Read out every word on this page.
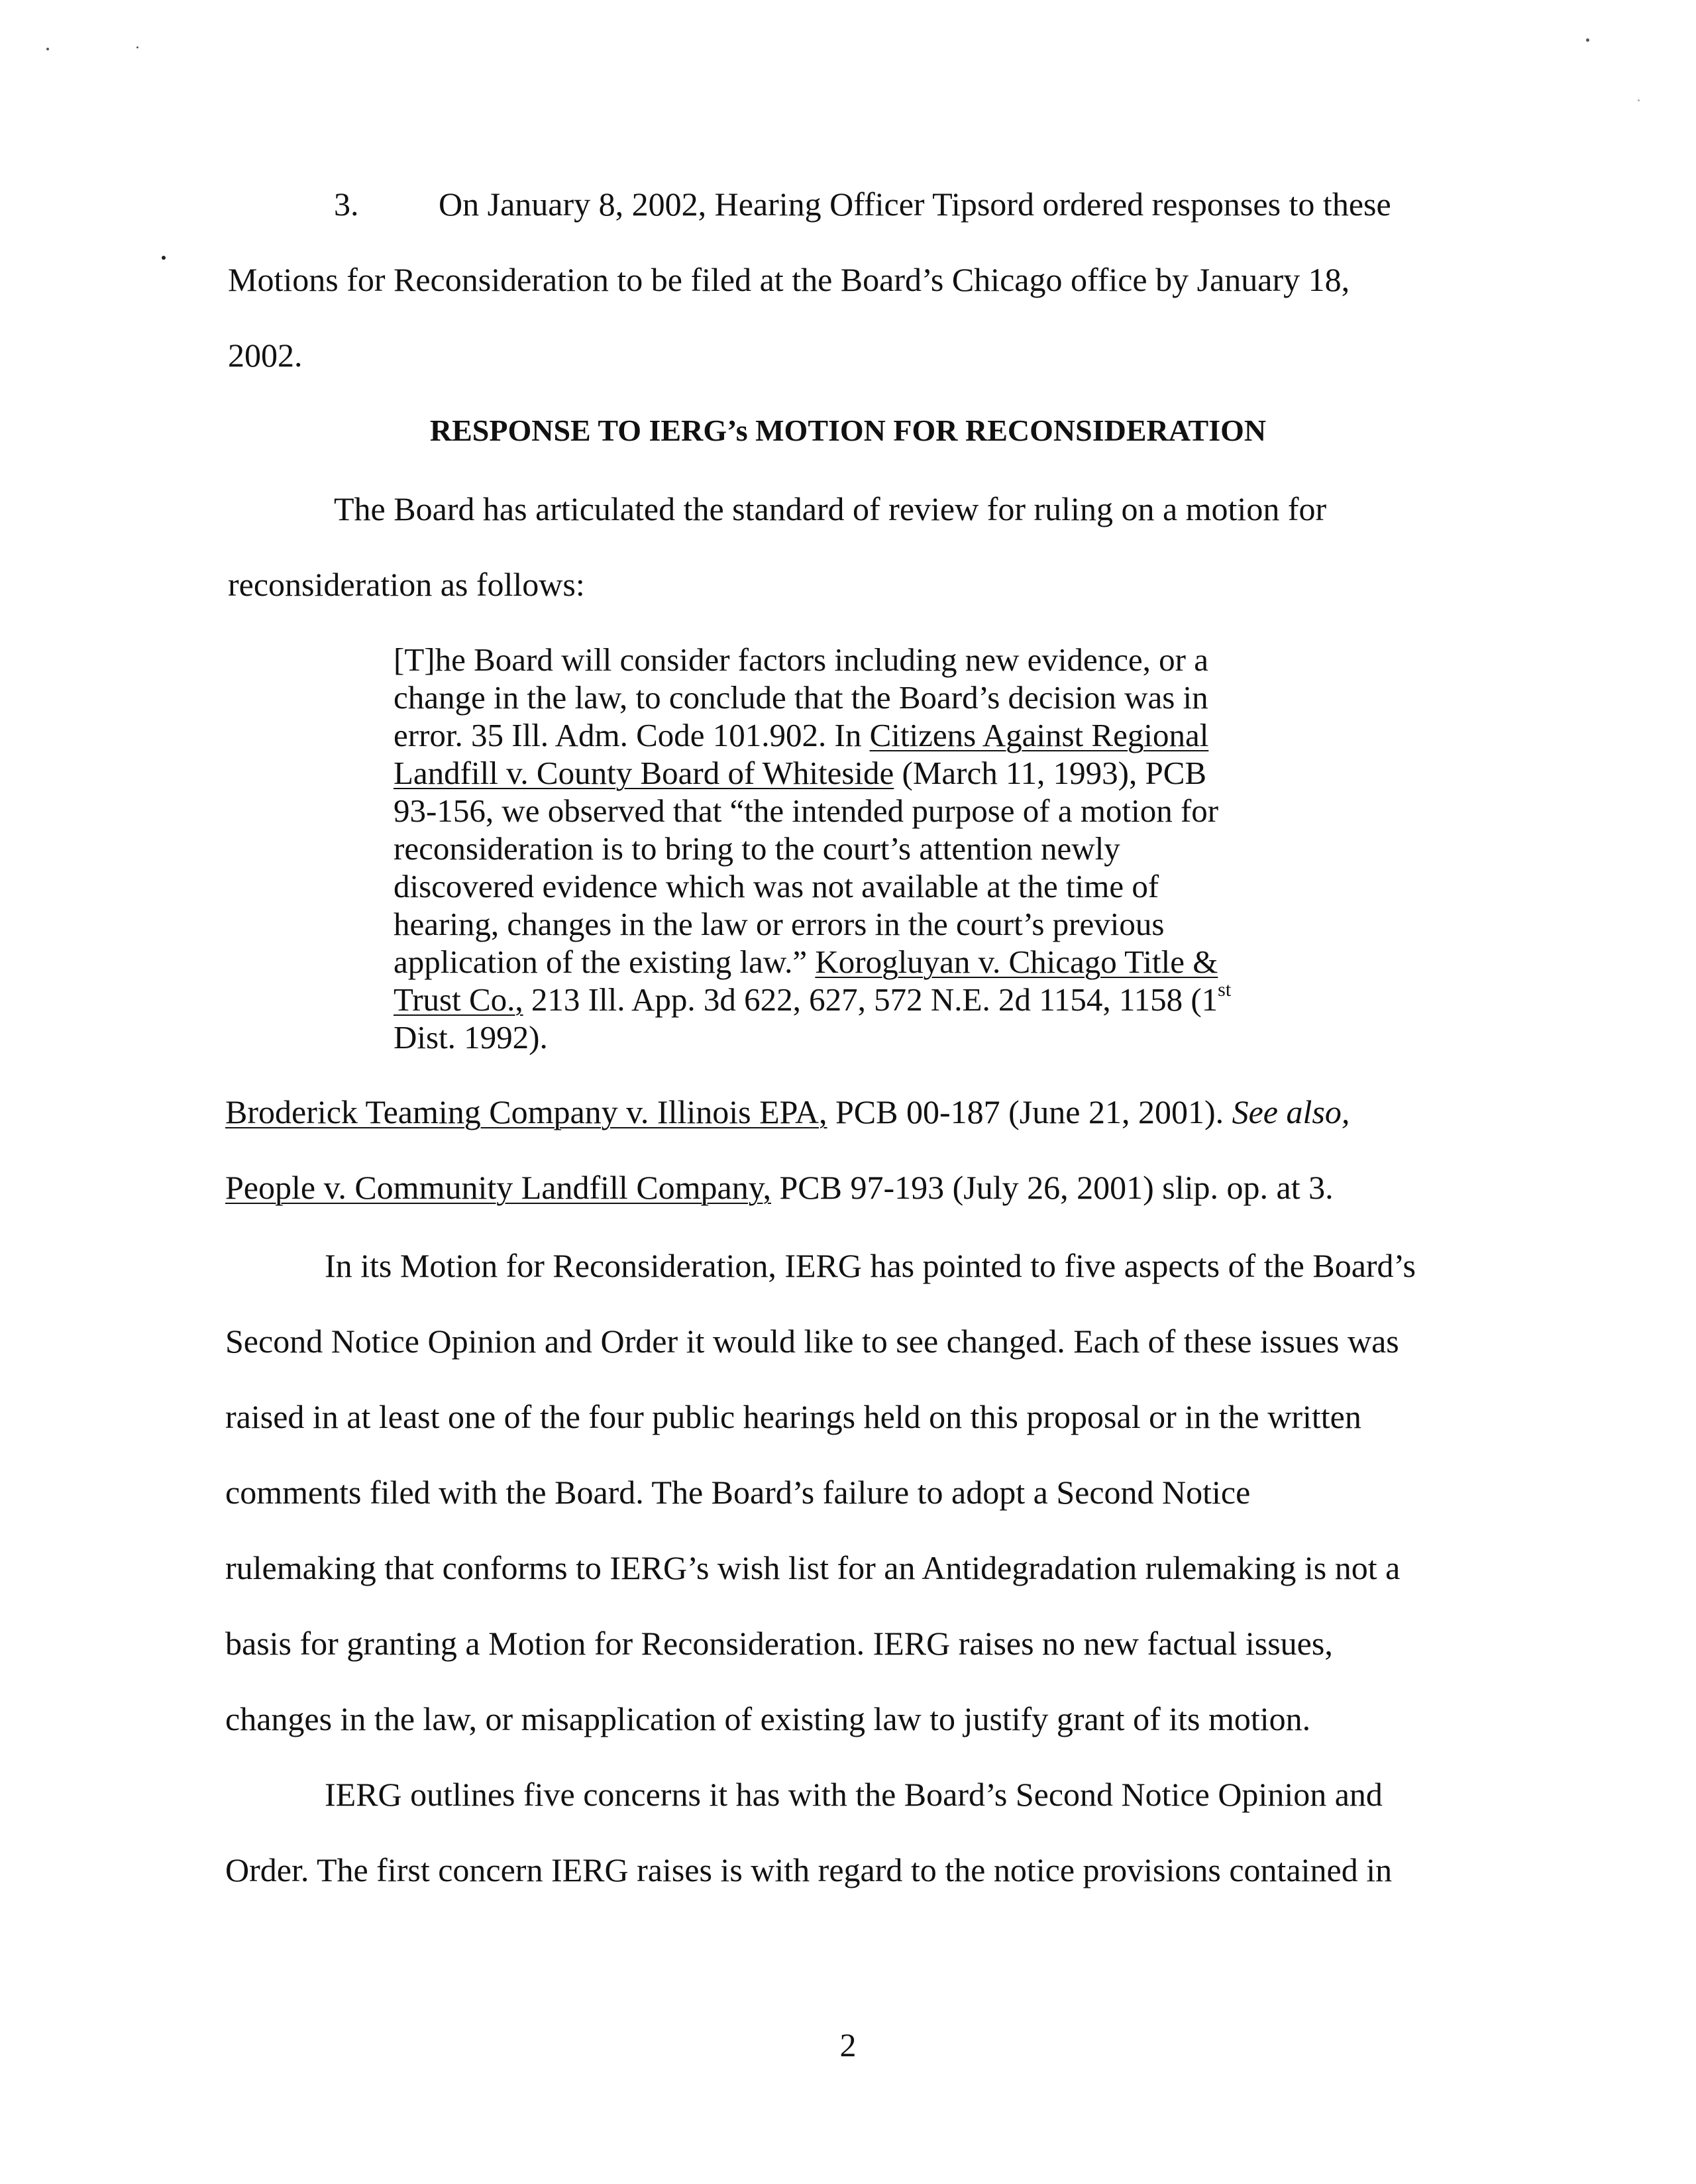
3. On January 8, 2002, Hearing Officer Tipsord ordered responses to these

Motions for Reconsideration to be filed at the Board’s Chicago office by January 18,

2002.

RESPONSE TO IERG’s MOTION FOR RECONSIDERATION

The Board has articulated the standard of review for ruling on a motion for

reconsideration as follows:

[T]he Board will consider factors including new evidence, or a

change in the law, to conclude that the Board’s decision was in

error. 35 Ill. Adm. Code 101.902. In Citizens Against Regional

Landfill v. County Board of Whiteside (March 11, 1993), PCB

93-156, we observed that “the intended purpose of a motion for

reconsideration is to bring to the court’s attention newly

discovered evidence which was not available at the time of

hearing, changes in the law or errors in the court’s previous

application of the existing law.” Korogluyan v. Chicago Title &

Trust Co., 213 Ill. App. 3d 622, 627, 572 N.E. 2d 1154, 1158 (1st

Dist. 1992).

Broderick Teaming Company v. Illinois EPA, PCB 00-187 (June 21, 2001). See also,

People v. Community Landfill Company, PCB 97-193 (July 26, 2001) slip. op. at 3.

In its Motion for Reconsideration, IERG has pointed to five aspects of the Board’s

Second Notice Opinion and Order it would like to see changed. Each of these issues was

raised in at least one of the four public hearings held on this proposal or in the written

comments filed with the Board. The Board’s failure to adopt a Second Notice

rulemaking that conforms to IERG’s wish list for an Antidegradation rulemaking is not a

basis for granting a Motion for Reconsideration. IERG raises no new factual issues,

changes in the law, or misapplication of existing law to justify grant of its motion.

IERG outlines five concerns it has with the Board’s Second Notice Opinion and

Order. The first concern IERG raises is with regard to the notice provisions contained in

2
